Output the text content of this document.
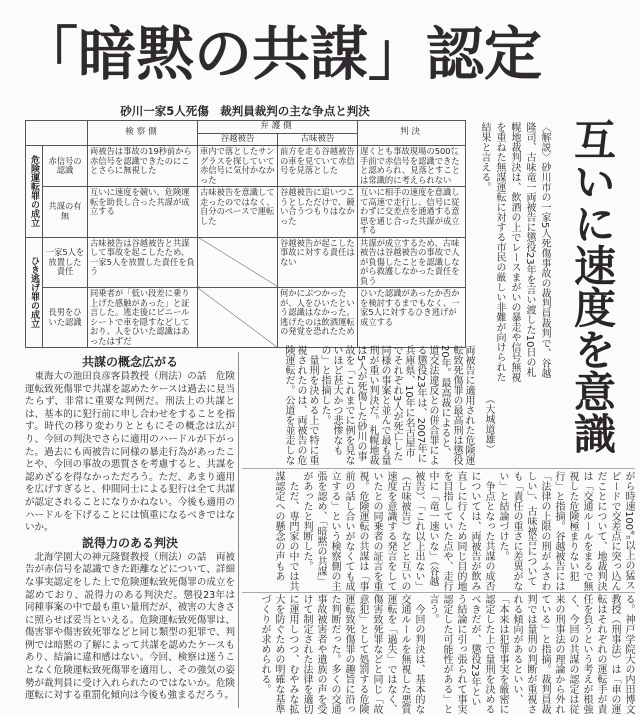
「暗黙の共謀」認定
砂川一家5人死傷　裁判員裁判の主な争点と判決
		検察側	弁護側		判決
			谷越被告	古味被告	
危険運転罪の成立	赤信号の認識	両被告は事故の19秒前から赤信号を認識できたのにことさらに無視した	車内で落としたサングラスを探していて赤信号に気付かなかった	前方を走る谷越被告の車を見ていて赤信号を見落とした	遅くとも事故現場の500㍍手前で赤信号を認識できたと認められ、見落とすことは常識的に考えられない
	共謀の有無	互いに速度を競い、危険運転を助長し合った共謀が成立する	古味被告を意識して走ったのではなく、自分のペースで運転した	谷越被告に追いつこうとしただけで、競い合うつもりはなかった	互いに相手の速度を意識して高速で走行し、信号に従わずに交差点を通過する意思を通じ合った共謀が成立する
ひき逃げ罪の成立	一家5人を放置した責任	古味被告は谷越被告と共謀して事故を起こしたため、一家5人を放置した責任を負う		谷越被告が起こした事故に対する責任はない	共謀が成立するため、古味被告は谷越被告の事故で人が負傷したことを認識しながら救護しなかった責任を負う
	長男をひいた認識	同乗者が「低い段差に乗り上げた感触があった」と証言した。逃走後にビニールシートで車を隠すなどしており、人をひいた認識はあったはずだ		何かにぶつかったが、人をひいたという認識はなかった。逃げたのは飲酒運転の発覚を恐れたため	ひいた認識があったか否かを検討するまでもなく、一家5人に対するひき逃げが成立する	互いに速度を意識
〈解説〉砂川市の一家5人死傷事故の裁判員裁判で、谷越隆司、古味竜一両被告に懲役23年を言い渡した10日の札幌地裁判決は、飲酒の上でレースまがいの暴走や信号無視を重ねた無謀運転に対する市民の厳しい非難が向けられた結果と言える。
（大城道雄）
共謀の概念広がる

東海大の池田良彦客員教授（刑法）の話　危険運転致死傷罪で共謀を認めたケースは過去に見当たらず、非常に重要な判例だ。刑法上の共謀とは、基本的に犯行前に申し合わせをすることを指す。時代の移り変わりとともにその概念は広がり、今回の判決でさらに適用のハードルが下がった。過去にも両被告に同様の暴走行為があったことや、今回の事故の悪質さを考慮すると、共謀を認めざるを得なかっただろう。ただ、あまり適用を広げすぎると、仲間同士による犯行は全て共謀が認定されることになりかねない。今後も適用のハードルを下げることには慎重になるべきではないか。

説得力のある判決

北海学園大の神元隆賢教授（刑法）の話　両被告が赤信号を認識できた距離などについて、詳細な事実認定をした上で危険運転致死傷罪の成立を認めており、説得力のある判決だ。懲役23年は同種事案の中で最も重い量刑だが、被害の大きさに照らせば妥当といえる。危険運転致死傷罪は、傷害罪や傷害致死罪などと同じ類型の犯罪で、判例では暗黙の了解によって共謀を認めたケースもあり、結論に違和感はない。今回、検察は迷うことなく危険運転致死傷罪を適用し、その強気の姿勢が裁判員に受け入れられたのではないか。危険運転に対する重罰化傾向は今後も強まるだろう。

両被告に適用された危険運転致死傷罪の最高刑は懲役20年。最高裁によると、道交法違反との併合罪による懲役23年は、2007年に兵庫県、10年に名古屋市でそれぞれ3人が死亡した同様の事案と並んで最も量刑が重い判決だ。札幌地裁は5人が死傷した砂川の事故を「これまでに例を見ないほど甚大かつ悲惨なもの」と指摘した。

量刑を決める上で特に重視されたのは、両被告の危険運転だ。公道を並走しな

がら時速100㌔以上の猛スピードで交差点に突っ込んだことについて、地裁判決は「交通ルールをまるで無視した危険極まりない犯行」と指摘。谷越被告には「法律の上限の刑がふさわしい」、古味被告についても「責任の重さに差異がない」と結論づけた。

争点となった共謀の成否については、両被告が飲み直しに行くため同じ目的地を目指していた点や、走行中に「竜一速いな」（谷越被告）、「これ以上出ない」（古味被告）などと互いの速度を意識する発言をしていたとの同乗者の証言を重視。危険運転の共謀は「事前の話し合いがなくても成立する」という検察側の主張を認め、「暗黙の共謀」があったと判断した。

ただ、専門家の中では共謀認定への懸念の声もあ

る。神戸学院大の内田博文教授（刑事法）は「車の運転はそれぞれの運転手が責任を負うという考えが根強く、今回の共謀の認定は従来の刑事法の理論から外れている」と指摘。裁判員裁判では量刑の判断が重視される傾向があるといい、「本来は犯罪事実を厳密に認定した上で量刑を決めるべきだが、懲役23年という結論に引っ張られて事実認定した可能性がある」と言う。

今回の判決は、基本的な交通ルールを無視した悪質運転を「過失」ではなく、傷害致死罪などと同じ「故意犯」として処罰する危険運転致死傷罪の趣旨に沿った判断だった。多くの交通事故被害者や遺族の声を受けて制定された法律を適切に運用しつつ、むやみな拡大を防ぐための明確な基準づくりが求められる。
